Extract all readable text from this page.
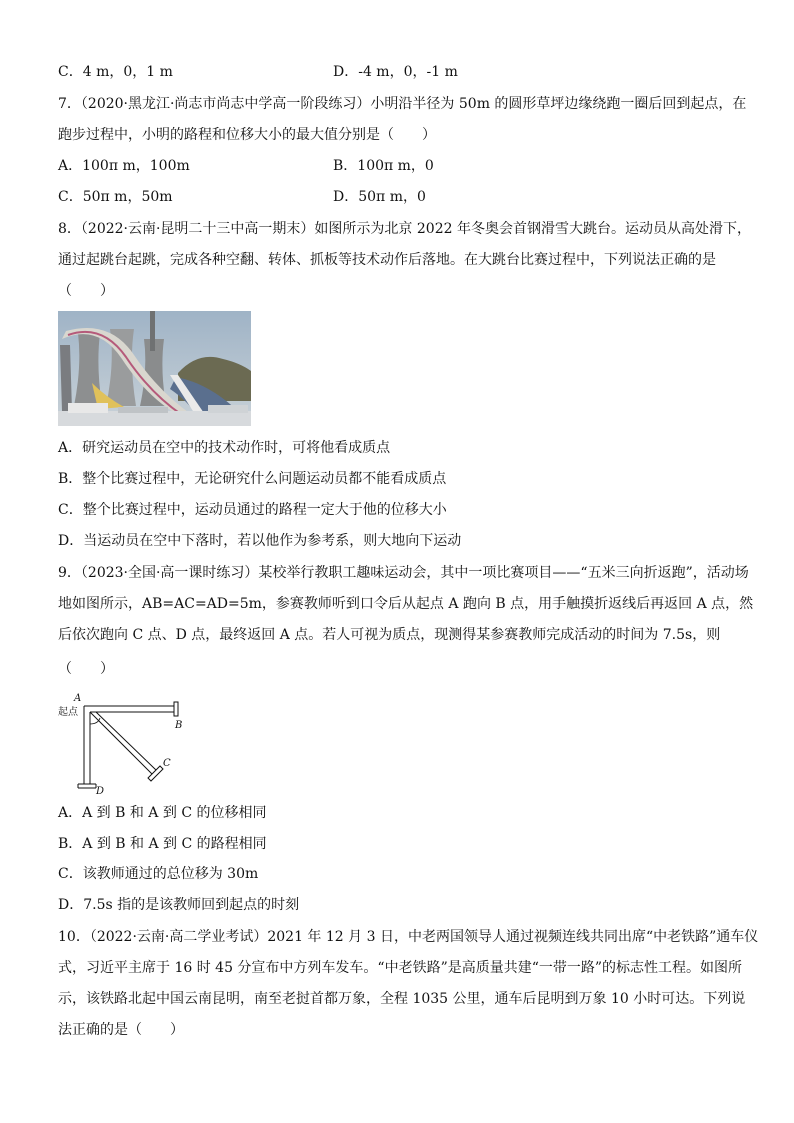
C．4 m，0，1 m	D．-4 m，0，-1 m
7．（2020·黑龙江·尚志市尚志中学高一阶段练习）小明沿半径为 50m 的圆形草坪边缘绕跑一圈后回到起点，在
跑步过程中，小明的路程和位移大小的最大值分别是（　　）
A．100π m，100m	B．100π m，0
C．50π m，50m	D．50π m，0
8．（2022·云南·昆明二十三中高一期末）如图所示为北京 2022 年冬奥会首钢滑雪大跳台。运动员从高处滑下，
通过起跳台起跳，完成各种空翻、转体、抓板等技术动作后落地。在大跳台比赛过程中，下列说法正确的是
（　　）
A．研究运动员在空中的技术动作时，可将他看成质点
B．整个比赛过程中，无论研究什么问题运动员都不能看成质点
C．整个比赛过程中，运动员通过的路程一定大于他的位移大小
D．当运动员在空中下落时，若以他作为参考系，则大地向下运动
9．（2023·全国·高一课时练习）某校举行教职工趣味运动会，其中一项比赛项目——“五米三向折返跑”，活动场
地如图所示，AB=AC=AD=5m，参赛教师听到口令后从起点 A 跑向 B 点，用手触摸折返线后再返回 A 点，然
后依次跑向 C 点、D 点，最终返回 A 点。若人可视为质点，现测得某参赛教师完成活动的时间为 7.5s，则
（　　）
A
起点
B
C
D
A．A 到 B 和 A 到 C 的位移相同
B．A 到 B 和 A 到 C 的路程相同
C．该教师通过的总位移为 30m
D．7.5s 指的是该教师回到起点的时刻
10．（2022·云南·高二学业考试）2021 年 12 月 3 日，中老两国领导人通过视频连线共同出席“中老铁路”通车仪
式，习近平主席于 16 时 45 分宣布中方列车发车。“中老铁路”是高质量共建“一带一路”的标志性工程。如图所
示，该铁路北起中国云南昆明，南至老挝首都万象，全程 1035 公里，通车后昆明到万象 10 小时可达。下列说
法正确的是（　　）
